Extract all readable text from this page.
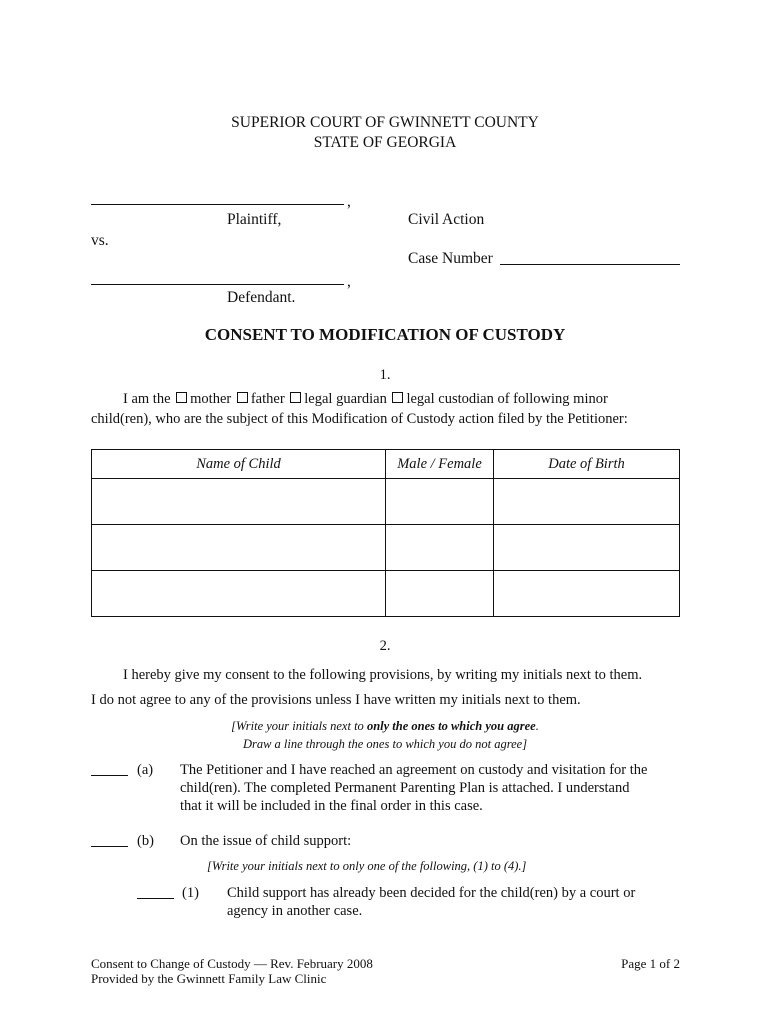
SUPERIOR COURT OF GWINNETT COUNTY
STATE OF GEORGIA
,
Plaintiff,
vs.
,
Defendant.
Civil Action
Case Number
CONSENT TO MODIFICATION OF CUSTODY
1.
I am the mother father legal guardian legal custodian of following minor
child(ren), who are the subject of this Modification of Custody action filed by the Petitioner:
Name of Child	Male / Female	Date of Birth

2.
I hereby give my consent to the following provisions, by writing my initials next to them.
I do not agree to any of the provisions unless I have written my initials next to them.
[Write your initials next to only the ones to which you agree.
Draw a line through the ones to which you do not agree]
(a) The Petitioner and I have reached an agreement on custody and visitation for the
child(ren). The completed Permanent Parenting Plan is attached. I understand
that it will be included in the final order in this case.
(b) On the issue of child support:
[Write your initials next to only one of the following, (1) to (4).]
(1) Child support has already been decided for the child(ren) by a court or
agency in another case.
Consent to Change of Custody — Rev. February 2008
Provided by the Gwinnett Family Law Clinic
Page 1 of 2
